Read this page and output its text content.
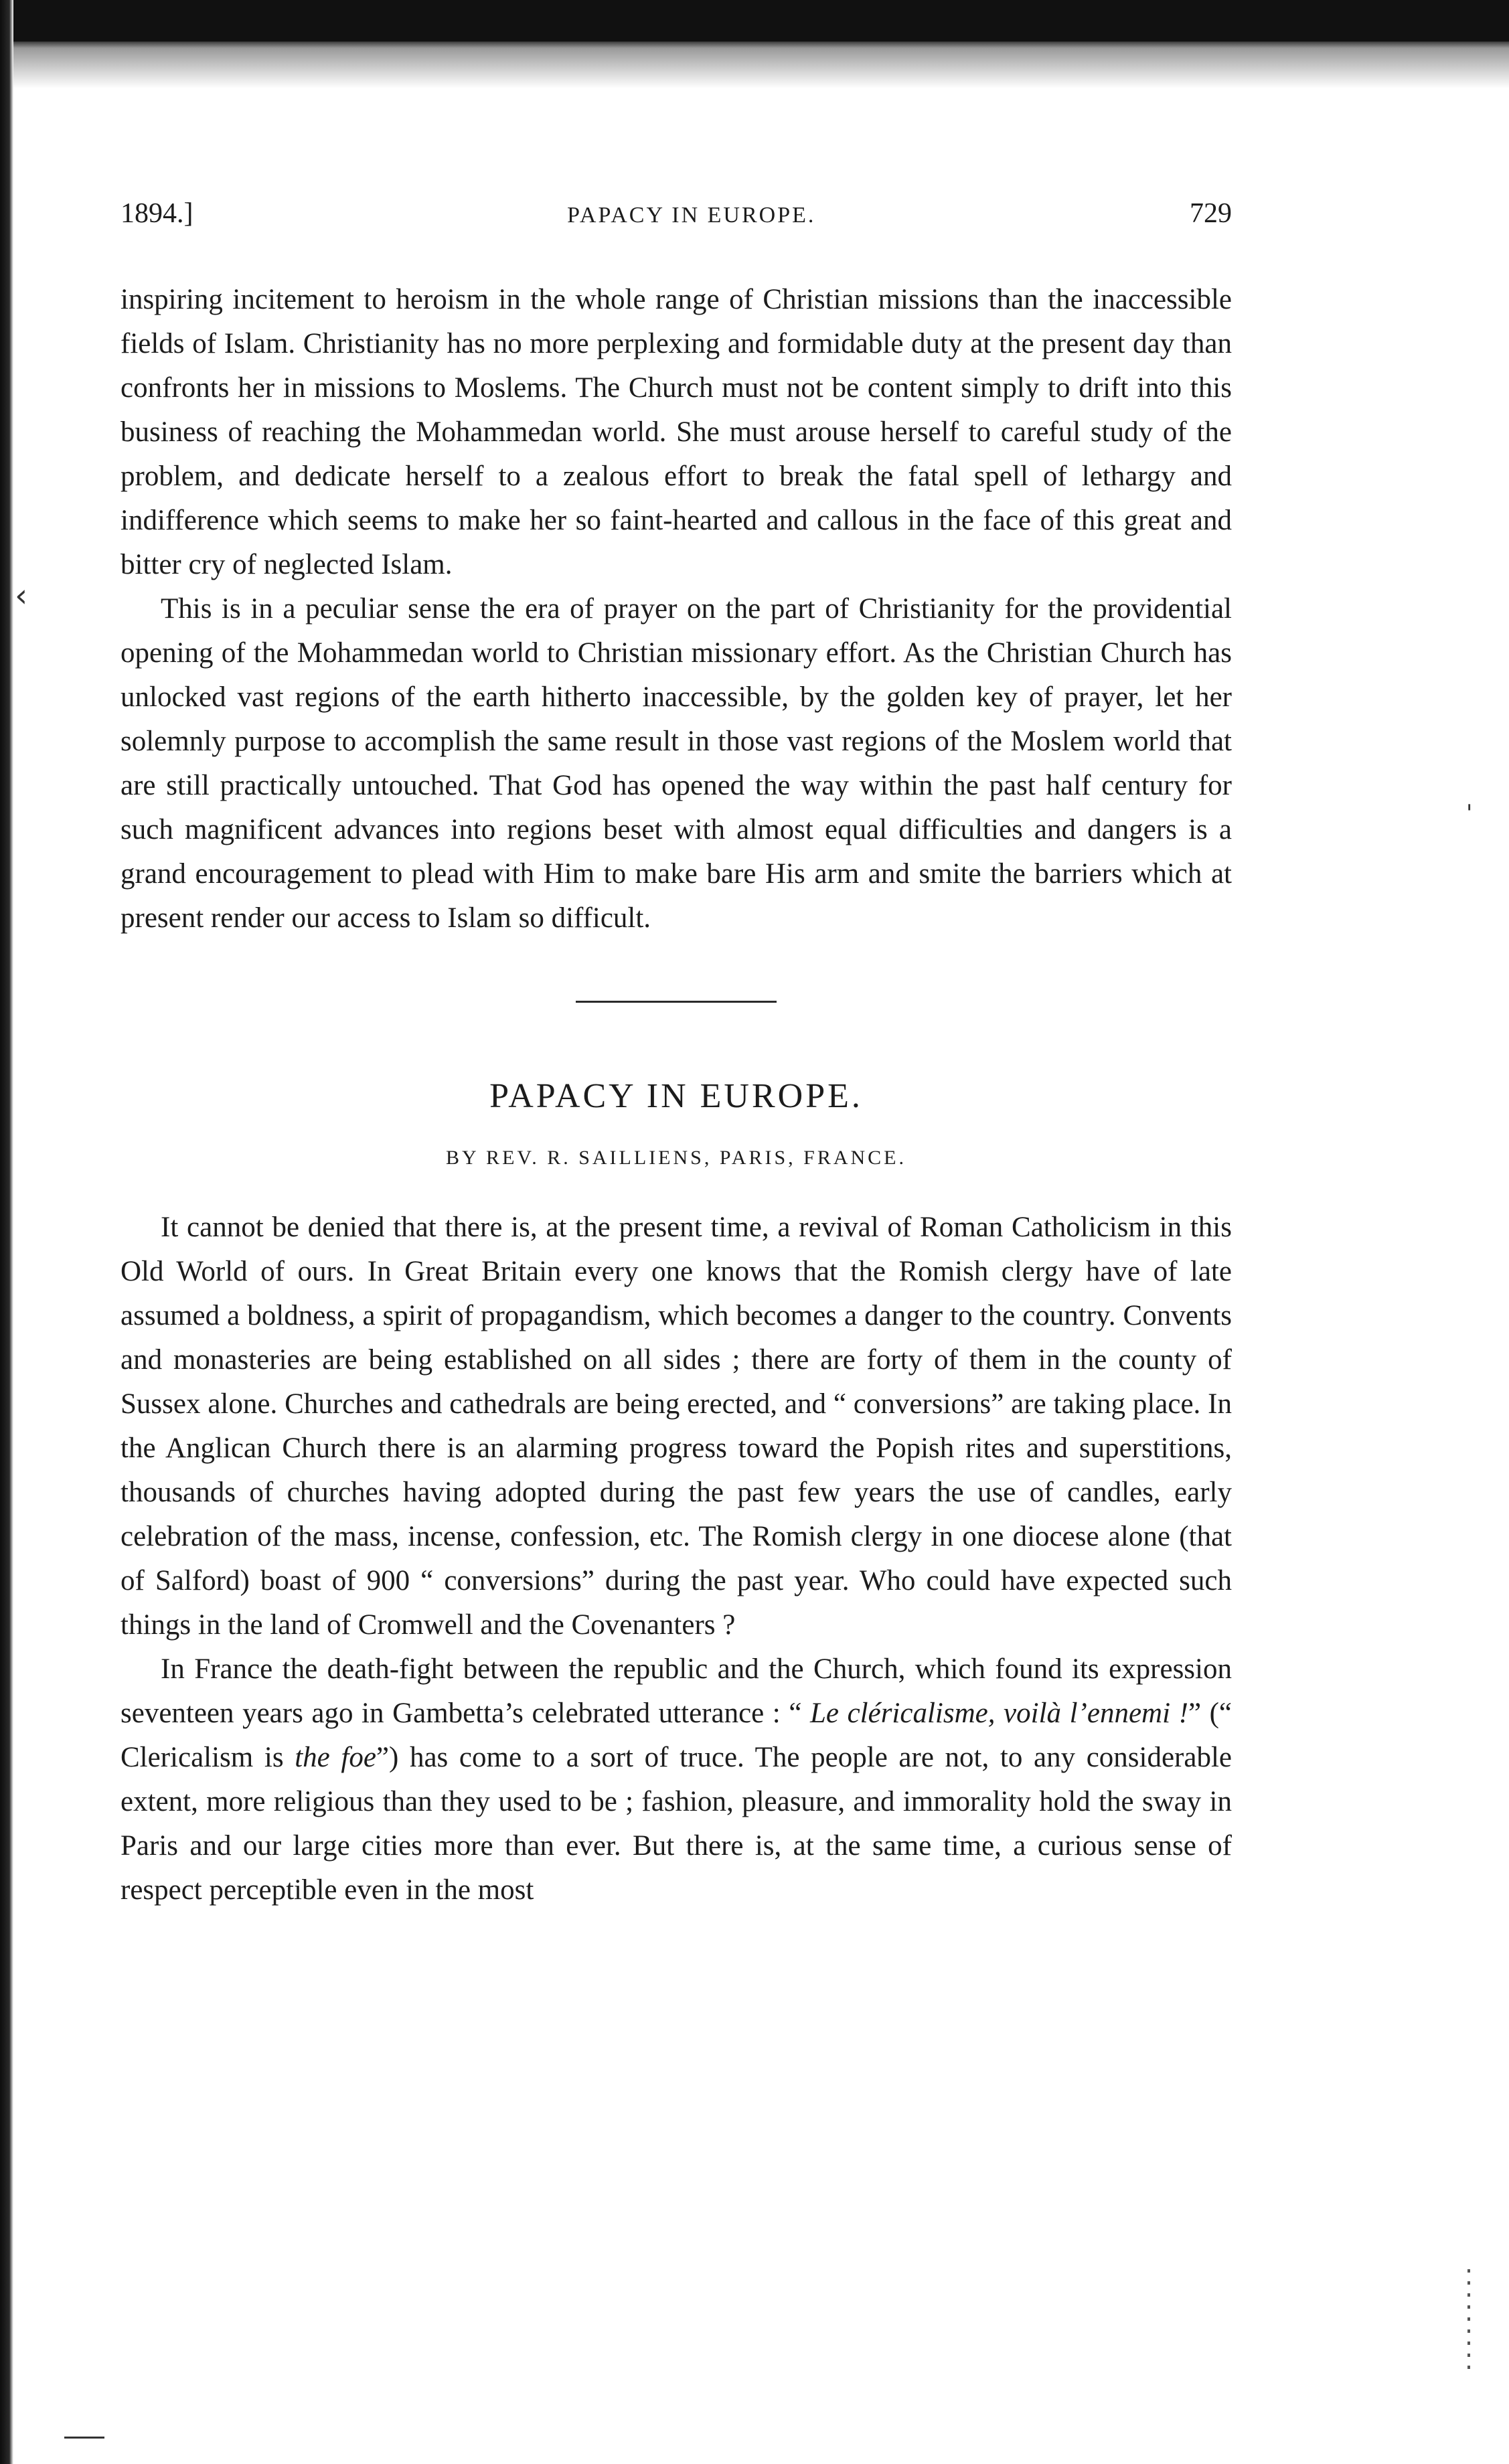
‹
'
1894.]	PAPACY IN EUROPE.	729

inspiring incitement to heroism in the whole range of Christian missions than the inaccessible fields of Islam. Christianity has no more perplexing and formidable duty at the present day than confronts her in missions to Moslems. The Church must not be content simply to drift into this business of reaching the Mohammedan world. She must arouse herself to careful study of the problem, and dedicate herself to a zealous effort to break the fatal spell of lethargy and indifference which seems to make her so faint-hearted and callous in the face of this great and bitter cry of neglected Islam.

This is in a peculiar sense the era of prayer on the part of Christianity for the providential opening of the Mohammedan world to Christian missionary effort. As the Christian Church has unlocked vast regions of the earth hitherto inaccessible, by the golden key of prayer, let her solemnly purpose to accomplish the same result in those vast regions of the Moslem world that are still practically untouched. That God has opened the way within the past half century for such magnificent advances into regions beset with almost equal difficulties and dangers is a grand encouragement to plead with Him to make bare His arm and smite the barriers which at present render our access to Islam so difficult.

PAPACY IN EUROPE.
BY REV. R. SAILLIENS, PARIS, FRANCE.

It cannot be denied that there is, at the present time, a revival of Roman Catholicism in this Old World of ours. In Great Britain every one knows that the Romish clergy have of late assumed a boldness, a spirit of propagandism, which becomes a danger to the country. Convents and monasteries are being established on all sides ; there are forty of them in the county of Sussex alone. Churches and cathedrals are being erected, and “ conversions” are taking place. In the Anglican Church there is an alarming progress toward the Popish rites and superstitions, thousands of churches having adopted during the past few years the use of candles, early celebration of the mass, incense, confession, etc. The Romish clergy in one diocese alone (that of Salford) boast of 900 “ conversions” during the past year. Who could have expected such things in the land of Cromwell and the Covenanters ?

In France the death-fight between the republic and the Church, which found its expression seventeen years ago in Gambetta’s celebrated utterance : “ Le cléricalisme, voilà l’ennemi !” (“ Clericalism is the foe”) has come to a sort of truce. The people are not, to any considerable extent, more religious than they used to be ; fashion, pleasure, and immorality hold the sway in Paris and our large cities more than ever. But there is, at the same time, a curious sense of respect perceptible even in the most
